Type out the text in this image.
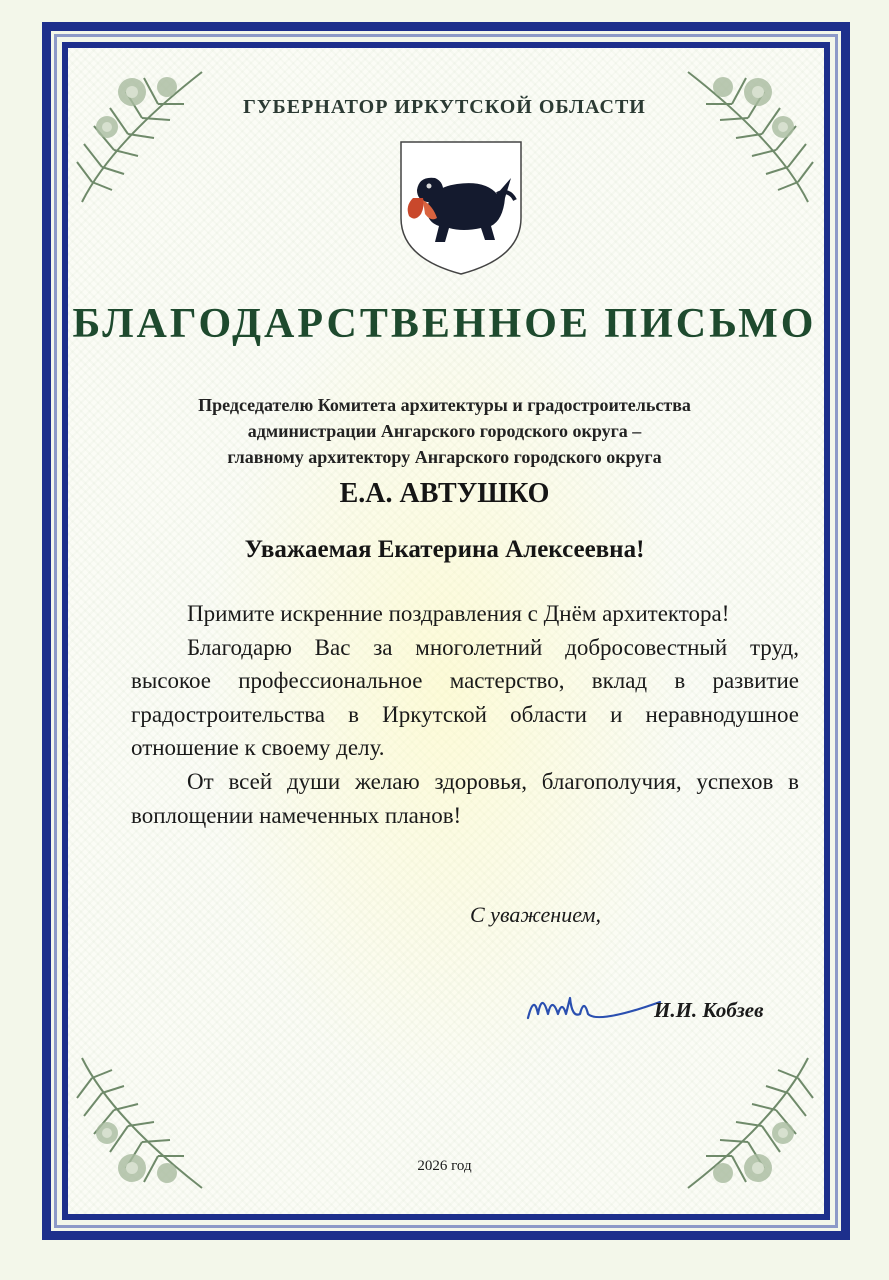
ГУБЕРНАТОР ИРКУТСКОЙ ОБЛАСТИ
БЛАГОДАРСТВЕННОЕ ПИСЬМО
Председателю Комитета архитектуры и градостроительства
администрации Ангарского городского округа –
главному архитектору Ангарского городского округа
Е.А. АВТУШКО
Уважаемая Екатерина Алексеевна!

Примите искренние поздравления с Днём архитектора!

Благодарю Вас за многолетний добросовестный труд, высокое профессиональное мастерство, вклад в развитие градостроительства в Иркутской области и неравнодушное отношение к своему делу.

От всей души желаю здоровья, благополучия, успехов в воплощении намеченных планов!

С уважением,
И.И. Кобзев
2026 год
